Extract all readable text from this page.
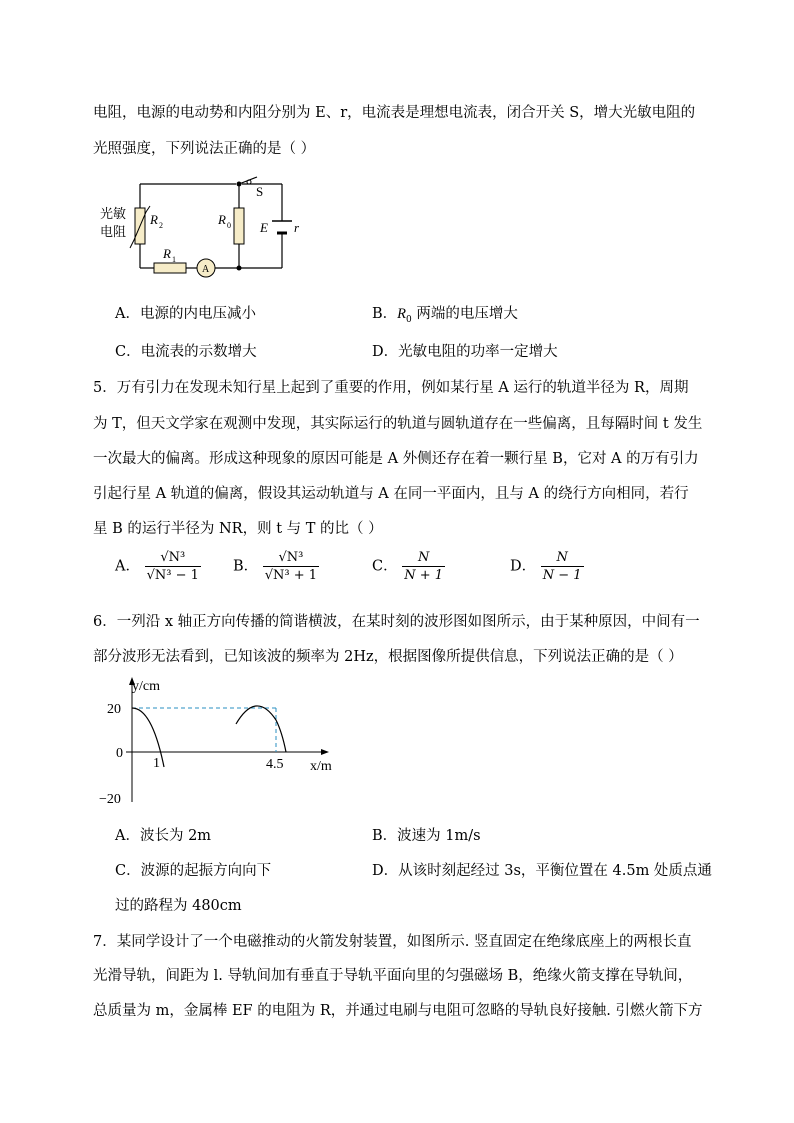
电阻，电源的电动势和内阻分别为 E、r，电流表是理想电流表，闭合开关 S，增大光敏电阻的
光照强度，下列说法正确的是（ ）
光敏
电阻
R 2	R 0
R 1
A
S
E r
A．电源的内电压减小	B．$R_0$ 两端的电压增大
C．电流表的示数增大	D．光敏电阻的功率一定增大
5．万有引力在发现未知行星上起到了重要的作用，例如某行星 A 运行的轨道半径为 R，周期
为 T，但天文学家在观测中发现，其实际运行的轨道与圆轨道存在一些偏离，且每隔时间 t 发生
一次最大的偏离。形成这种现象的原因可能是 A 外侧还存在着一颗行星 B，它对 A 的万有引力
引起行星 A 轨道的偏离，假设其运动轨道与 A 在同一平面内，且与 A 的绕行方向相同，若行
星 B 的运行半径为 NR，则 t 与 T 的比（ ）
A． $\frac{\text{√N³}}{\text{√N³ − 1}}$ B． $\frac{\text{√N³}}{\text{√N³ + 1}}$	C． $\frac{N}{N + 1}$	D． $\frac{N}{N - 1}$
6．一列沿 x 轴正方向传播的简谐横波，在某时刻的波形图如图所示，由于某种原因，中间有一
部分波形无法看到，已知该波的频率为 2Hz，根据图像所提供信息，下列说法正确的是（ ）
y/cm
x/m
20
0
−20
1	4.5
A．波长为 2m	B．波速为 1m/s
C．波源的起振方向向下	D．从该时刻起经过 3s，平衡位置在 4.5m 处质点通
过的路程为 480cm
7．某同学设计了一个电磁推动的火箭发射装置，如图所示. 竖直固定在绝缘底座上的两根长直
光滑导轨，间距为 l. 导轨间加有垂直于导轨平面向里的匀强磁场 B，绝缘火箭支撑在导轨间，
总质量为 m，金属棒 EF 的电阻为 R，并通过电刷与电阻可忽略的导轨良好接触. 引燃火箭下方
